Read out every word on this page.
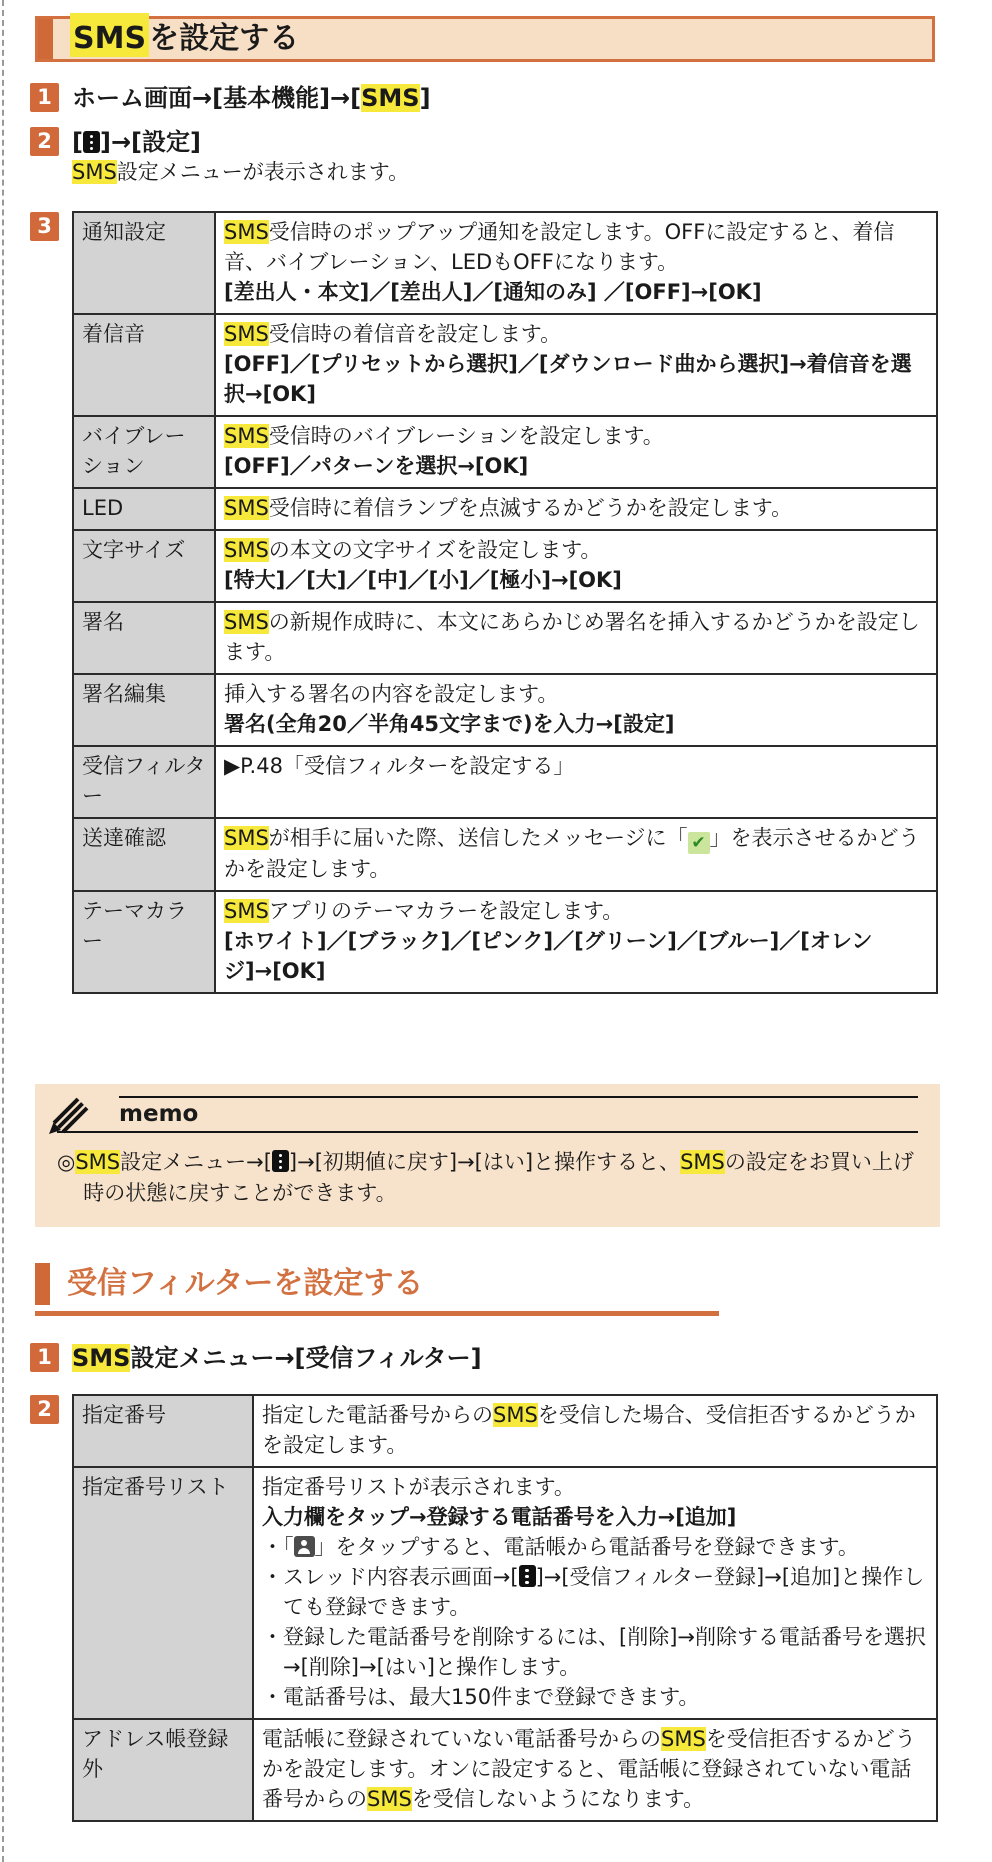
SMS を設定する
1 ホーム画面→[基本機能]→[SMS]
2 [ ]→[設定]
SMS設定メニューが表示されます。
3	通知設定	SMS受信時のポップアップ通知を設定します。OFFに設定すると、着信音、バイブレーション、LEDもOFFになります。
[差出人・本文]／[差出人]／[通知のみ] ／[OFF]→[OK]

着信音	SMS受信時の着信音を設定します。
[OFF]／[プリセットから選択]／[ダウンロード曲から選択]→着信音を選択→[OK]

バイブレーション	SMS受信時のバイブレーションを設定します。
[OFF]／パターンを選択→[OK]

LED	SMS受信時に着信ランプを点滅するかどうかを設定します。

文字サイズ	SMSの本文の文字サイズを設定します。
[特大]／[大]／[中]／[小]／[極小]→[OK]

署名	SMSの新規作成時に、本文にあらかじめ署名を挿入するかどうかを設定します。

署名編集	挿入する署名の内容を設定します。
署名(全角20／半角45文字まで)を入力→[設定]

受信フィルター	▶P.48「受信フィルターを設定する」

送達確認	SMSが相手に届いた際、送信したメッセージに「 ✔ 」を表示させるかどうかを設定します。

テーマカラー	SMSアプリのテーマカラーを設定します。
[ホワイト]／[ブラック]／[ピンク]／[グリーン]／[ブルー]／[オレンジ]→[OK]
memo
◎SMS設定メニュー→[ ]→[初期値に戻す]→[はい]と操作すると、SMSの設定をお買い上げ時の状態に戻すことができます。
受信フィルターを設定する
1 SMS設定メニュー→[受信フィルター]
2	指定番号	指定した電話番号からのSMSを受信した場合、受信拒否するかどうかを設定します。

指定番号リスト	指定番号リストが表示されます。
入力欄をタップ→登録する電話番号を入力→[追加]
・「 」をタップすると、電話帳から電話番号を登録できます。
・スレッド内容表示画面→[ ]→[受信フィルター登録]→[追加]と操作しても登録できます。
・登録した電話番号を削除するには、[削除]→削除する電話番号を選択→[削除]→[はい]と操作します。
・電話番号は、最大150件まで登録できます。

アドレス帳登録外	電話帳に登録されていない電話番号からのSMSを受信拒否するかどうかを設定します。オンに設定すると、電話帳に登録されていない電話番号からのSMSを受信しないようになります。
